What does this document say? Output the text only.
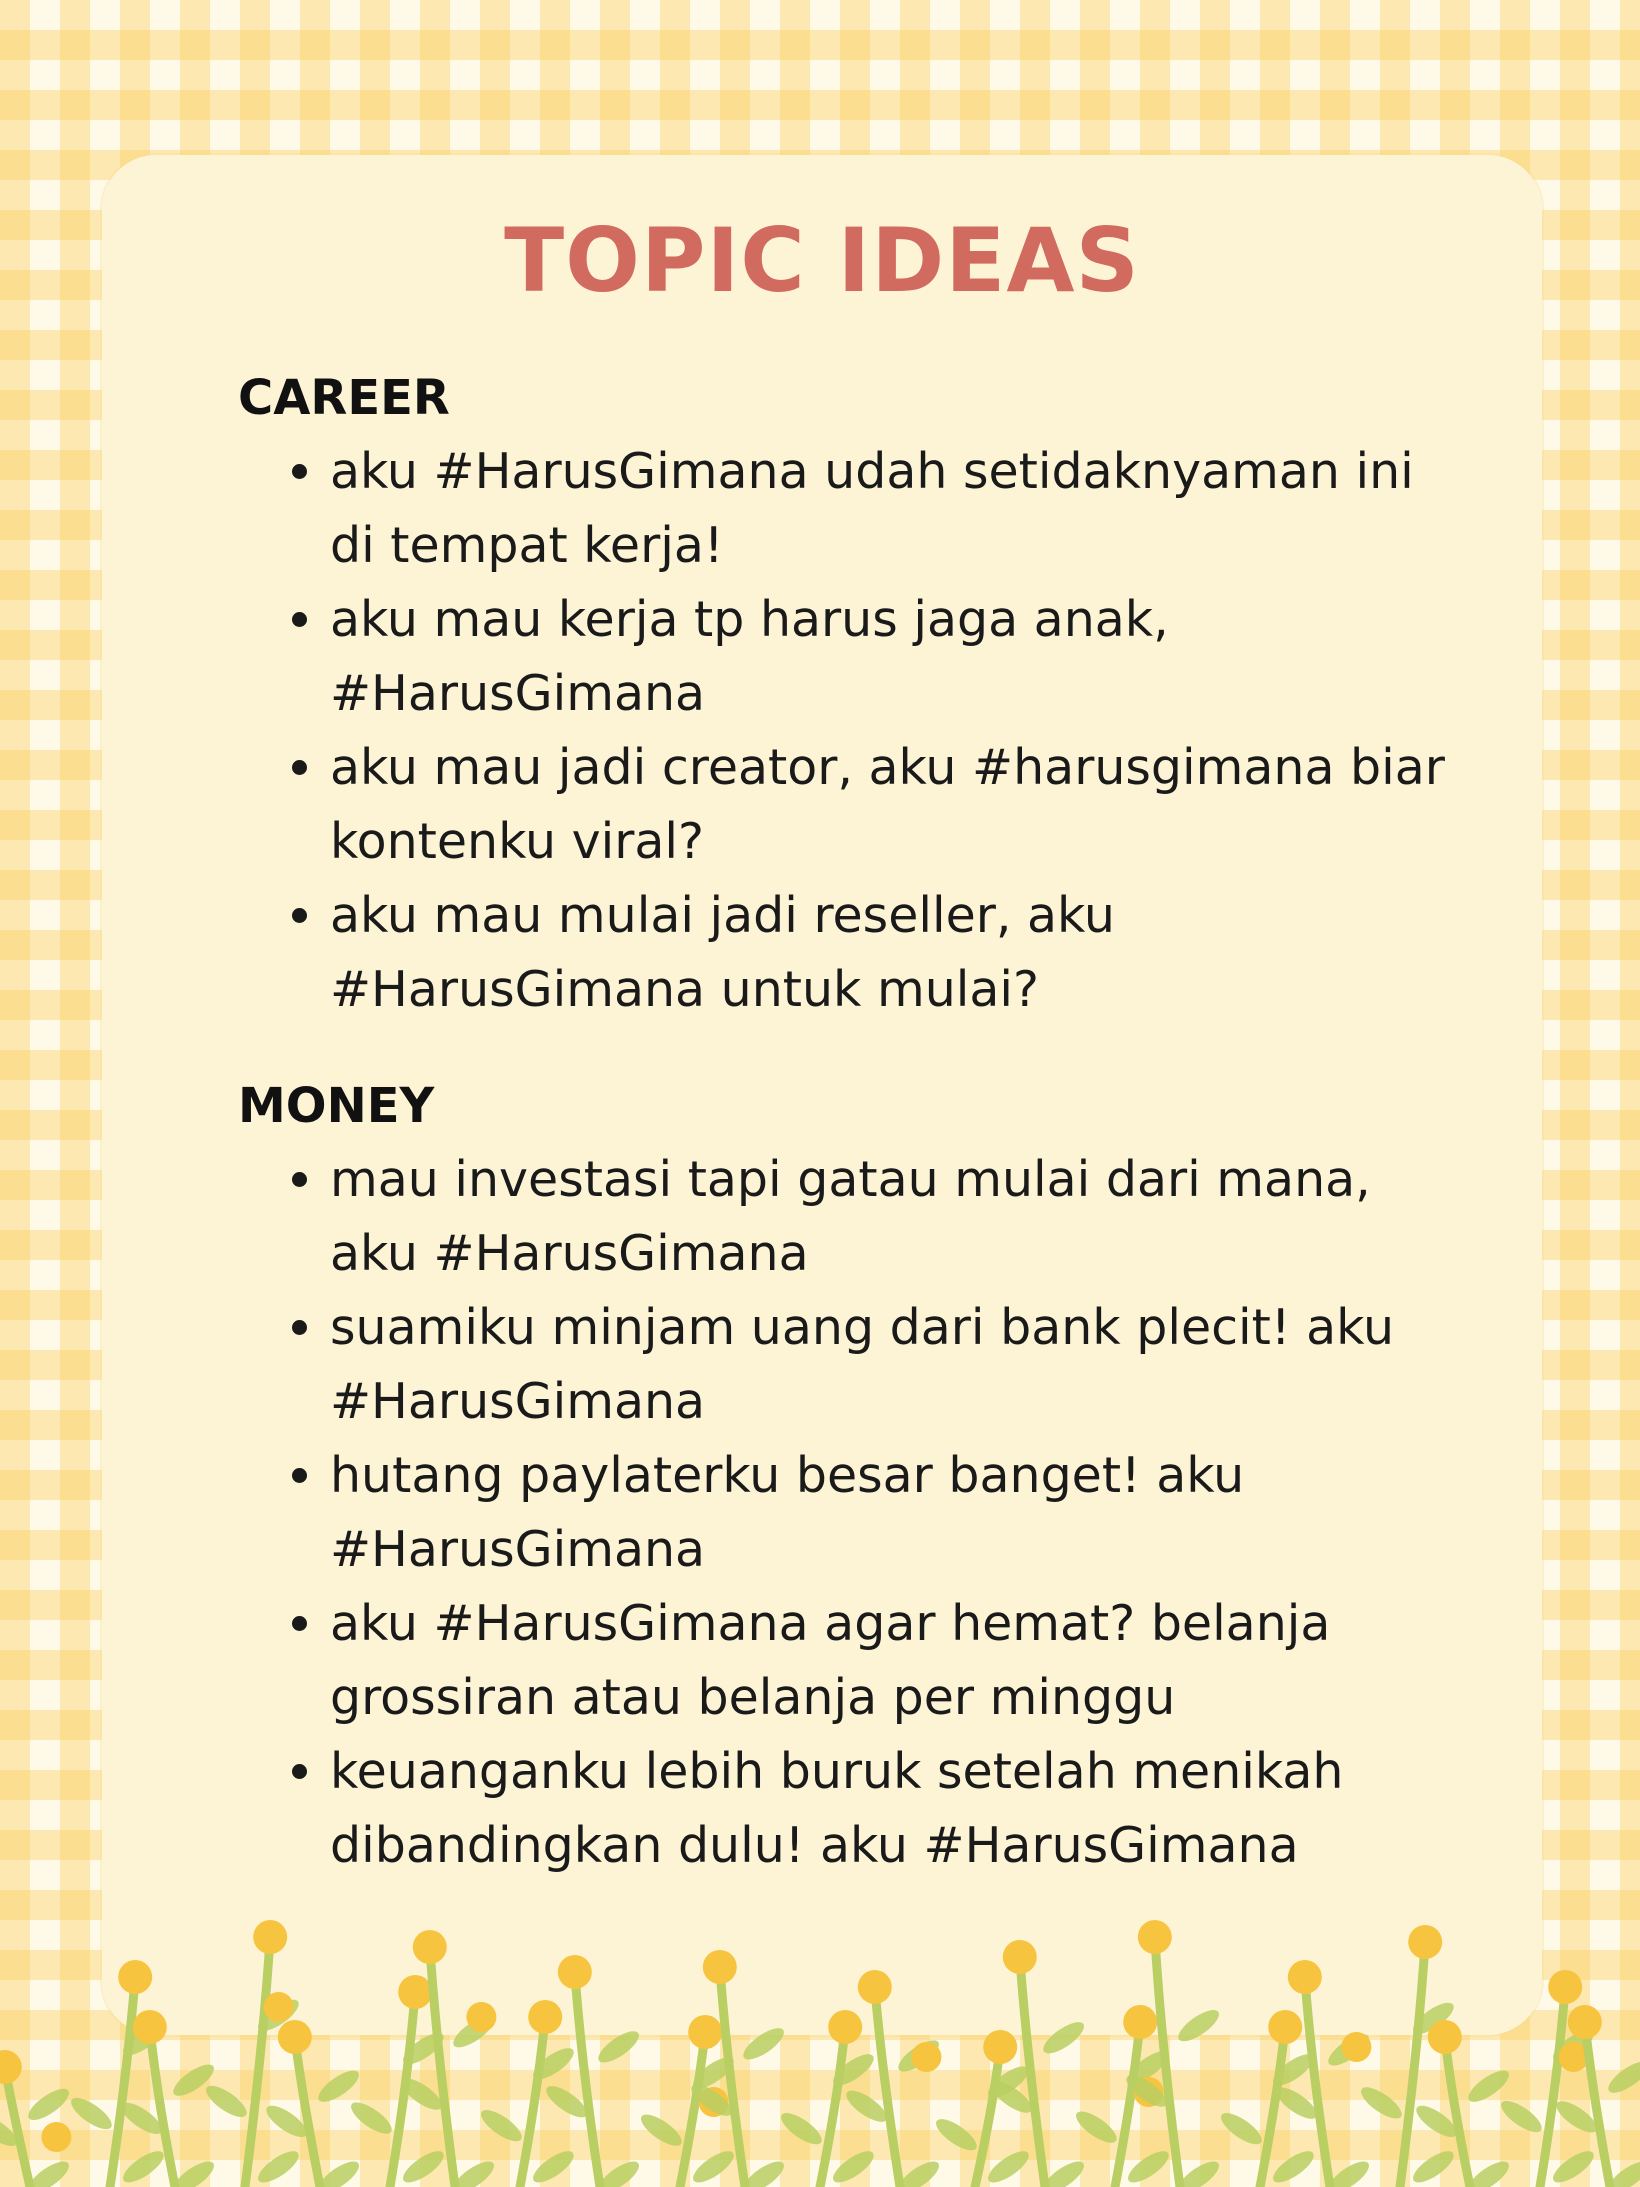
TOPIC IDEAS
CAREER
aku #HarusGimana udah setidaknyaman ini di tempat kerja!
aku mau kerja tp harus jaga anak, #HarusGimana
aku mau jadi creator, aku #harusgimana biar kontenku viral?
aku mau mulai jadi reseller, aku #HarusGimana untuk mulai?
MONEY
mau investasi tapi gatau mulai dari mana, aku #HarusGimana
suamiku minjam uang dari bank plecit! aku #HarusGimana
hutang paylaterku besar banget! aku #HarusGimana
aku #HarusGimana agar hemat? belanja grossiran atau belanja per minggu
keuanganku lebih buruk setelah menikah dibandingkan dulu! aku #HarusGimana
